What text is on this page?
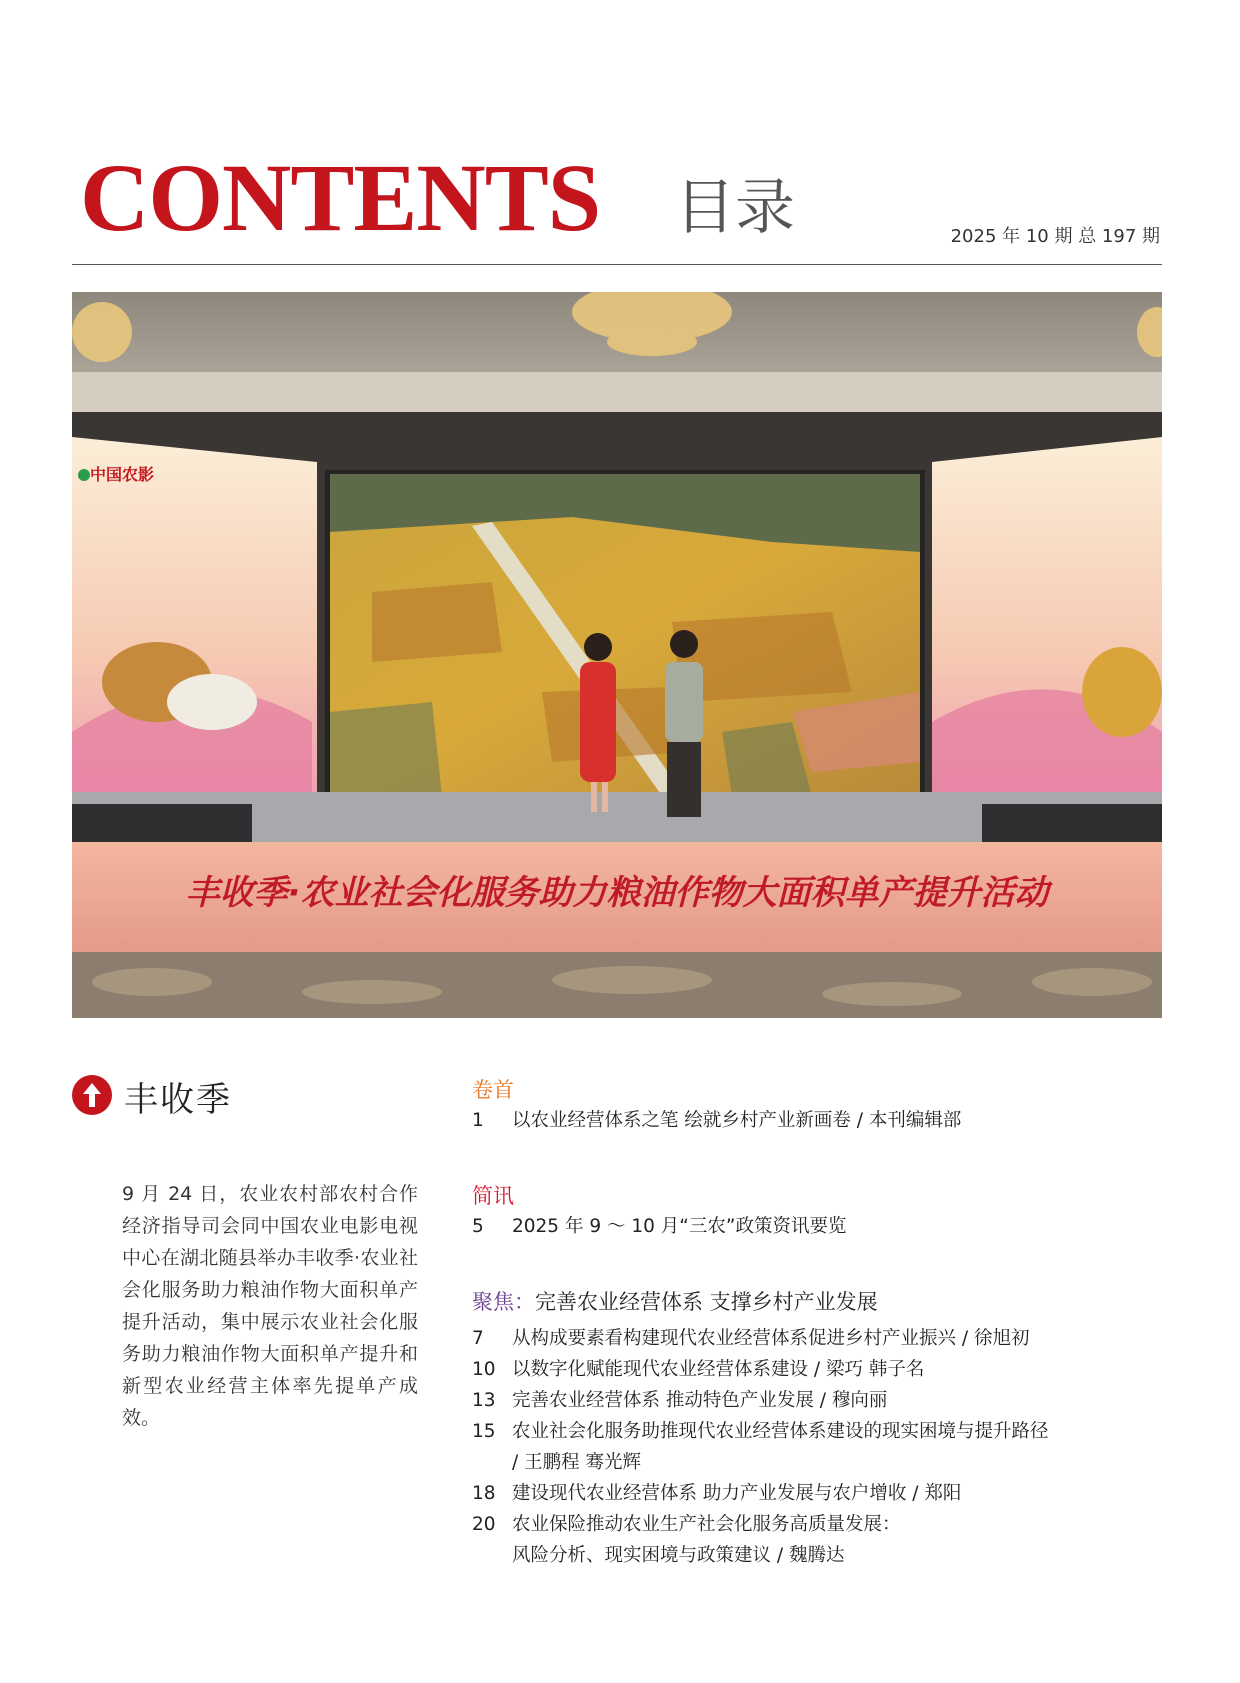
CONTENTS 目录	2025 年 10 期 总 197 期
丰收季·农业社会化服务助力粮油作物大面积单产提升活动
中国农影
丰收季
9 月 24 日，农业农村部农村合作经济指导司会同中国农业电影电视中心在湖北随县举办丰收季·农业社会化服务助力粮油作物大面积单产提升活动，集中展示农业社会化服务助力粮油作物大面积单产提升和新型农业经营主体率先提单产成效。

卷首

1	以农业经营体系之笔 绘就乡村产业新画卷 / 本刊编辑部

简讯

5	2025 年 9 ～ 10 月“三农”政策资讯要览

聚焦：完善农业经营体系 支撑乡村产业发展

7	从构成要素看构建现代农业经营体系促进乡村产业振兴 / 徐旭初
10 以数字化赋能现代农业经营体系建设 / 梁巧 韩子名
13 完善农业经营体系 推动特色产业发展 / 穆向丽
15 农业社会化服务助推现代农业经营体系建设的现实困境与提升路径
/ 王鹏程 骞光辉
18 建设现代农业经营体系 助力产业发展与农户增收 / 郑阳
20 农业保险推动农业生产社会化服务高质量发展：
风险分析、现实困境与政策建议 / 魏腾达
